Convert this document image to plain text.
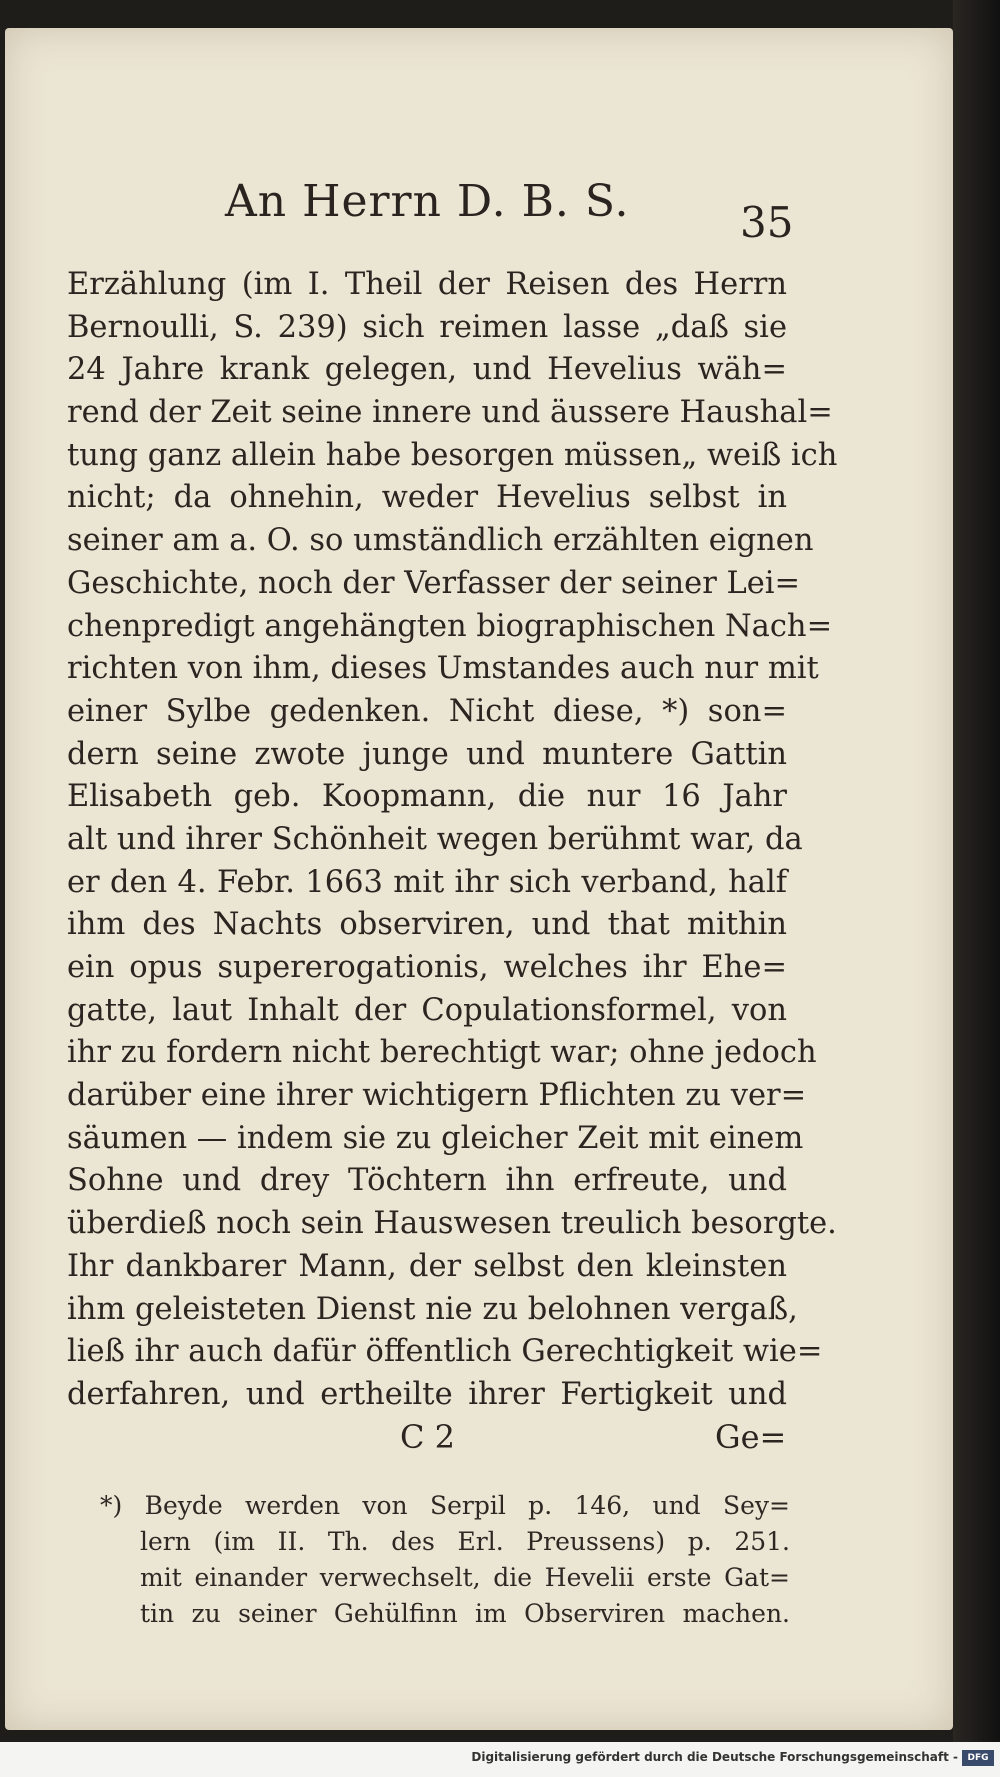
An Herrn D. B. S.	35
Erzählung (im I. Theil der Reisen des Herrn
Bernoulli, S. 239) sich reimen lasse „daß sie
24 Jahre krank gelegen, und Hevelius wäh=
rend der Zeit seine innere und äussere Haushal=
tung ganz allein habe besorgen müssen„ weiß ich
nicht; da ohnehin, weder Hevelius selbst in
seiner am a. O. so umständlich erzählten eignen
Geschichte, noch der Verfasser der seiner Lei=
chenpredigt angehängten biographischen Nach=
richten von ihm, dieses Umstandes auch nur mit
einer Sylbe gedenken. Nicht diese, *) son=
dern seine zwote junge und muntere Gattin
Elisabeth geb. Koopmann, die nur 16 Jahr
alt und ihrer Schönheit wegen berühmt war, da
er den 4. Febr. 1663 mit ihr sich verband, half
ihm des Nachts observiren, und that mithin
ein opus supererogationis, welches ihr Ehe=
gatte, laut Inhalt der Copulationsformel, von
ihr zu fordern nicht berechtigt war; ohne jedoch
darüber eine ihrer wichtigern Pflichten zu ver=
säumen — indem sie zu gleicher Zeit mit einem
Sohne und drey Töchtern ihn erfreute, und
überdieß noch sein Hauswesen treulich besorgte.
Ihr dankbarer Mann, der selbst den kleinsten
ihm geleisteten Dienst nie zu belohnen vergaß,
ließ ihr auch dafür öffentlich Gerechtigkeit wie=
derfahren, und ertheilte ihrer Fertigkeit und
C 2	Ge=
*) Beyde werden von Serpil p. 146, und Sey=
lern (im II. Th. des Erl. Preussens) p. 251.
mit einander verwechselt, die Hevelii erste Gat=
tin zu seiner Gehülfinn im Observiren machen.
Digitalisierung gefördert durch die Deutsche Forschungsgemeinschaft -	DFG
